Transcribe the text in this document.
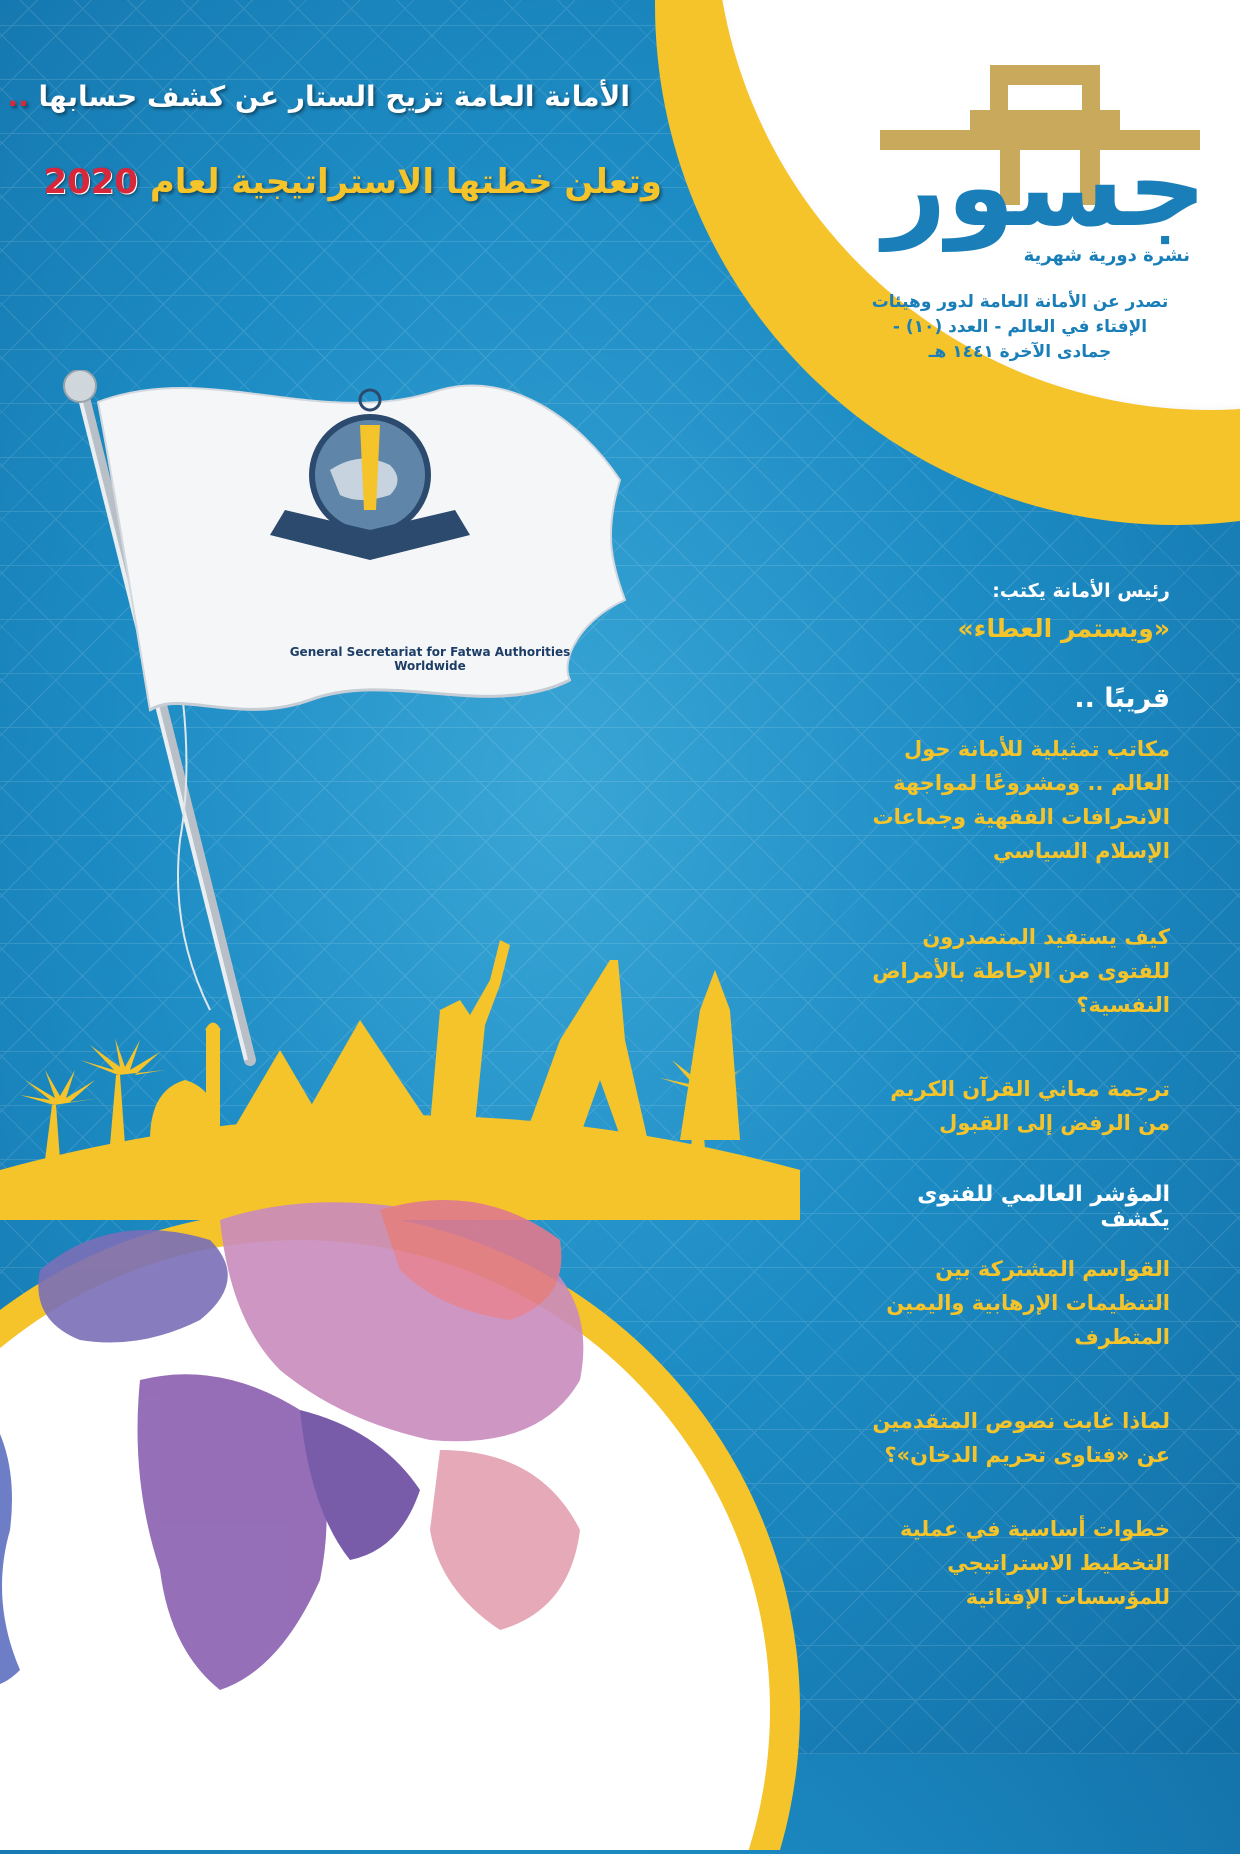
جسور
نشرة دورية شهرية
تصدر عن الأمانة العامة لدور وهيئات
الإفتاء في العالم - العدد (١٠) -
جمادى الآخرة ١٤٤١ هـ
الأمانة العامة تزيح الستار عن كشف حسابها ..
وتعلن خطتها الاستراتيجية لعام 2020
General Secretariat for Fatwa Authorities Worldwide

رئيس الأمانة يكتب:

«ويستمر العطاء»

قريبًا ..

مكاتب تمثيلية للأمانة حول

العالم .. ومشروعًا لمواجهة

الانحرافات الفقهية وجماعات

الإسلام السياسي

كيف يستفيد المتصدرون

للفتوى من الإحاطة بالأمراض

النفسية؟

ترجمة معاني القرآن الكريم

من الرفض إلى القبول

المؤشر العالمي للفتوى يكشف

القواسم المشتركة بين

التنظيمات الإرهابية واليمين

المتطرف

لماذا غابت نصوص المتقدمين

عن «فتاوى تحريم الدخان»؟

خطوات أساسية في عملية

التخطيط الاستراتيجي

للمؤسسات الإفتائية
